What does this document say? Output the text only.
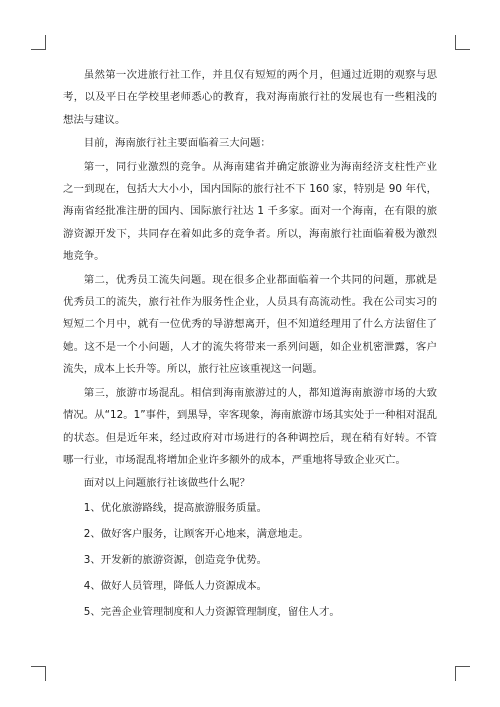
虽然第一次进旅行社工作，并且仅有短短的两个月，但通过近期的观察与思考，以及平日在学校里老师悉心的教育，我对海南旅行社的发展也有一些粗浅的想法与建议。

目前，海南旅行社主要面临着三大问题：

第一，同行业激烈的竞争。从海南建省并确定旅游业为海南经济支柱性产业之一到现在，包括大大小小，国内国际的旅行社不下 160 家，特别是 90 年代，海南省经批准注册的国内、国际旅行社达 1 千多家。面对一个海南，在有限的旅游资源开发下，共同存在着如此多的竞争者。所以，海南旅行社面临着极为激烈地竞争。

第二，优秀员工流失问题。现在很多企业都面临着一个共同的问题，那就是优秀员工的流失，旅行社作为服务性企业，人员具有高流动性。我在公司实习的短短二个月中，就有一位优秀的导游想离开，但不知道经理用了什么方法留住了她。这不是一个小问题，人才的流失将带来一系列问题，如企业机密泄露，客户流失，成本上长升等。所以，旅行社应该重视这一问题。

第三，旅游市场混乱。相信到海南旅游过的人，都知道海南旅游市场的大致情况。从“12。1”事件，到黑导，宰客现象，海南旅游市场其实处于一种相对混乱的状态。但是近年来，经过政府对市场进行的各种调控后，现在稍有好转。不管哪一行业，市场混乱将增加企业许多额外的成本，严重地将导致企业灭亡。

面对以上问题旅行社该做些什么呢？

1、优化旅游路线，提高旅游服务质量。
2、做好客户服务，让顾客开心地来，满意地走。
3、开发新的旅游资源，创造竞争优势。
4、做好人员管理，降低人力资源成本。
5、完善企业管理制度和人力资源管理制度，留住人才。
